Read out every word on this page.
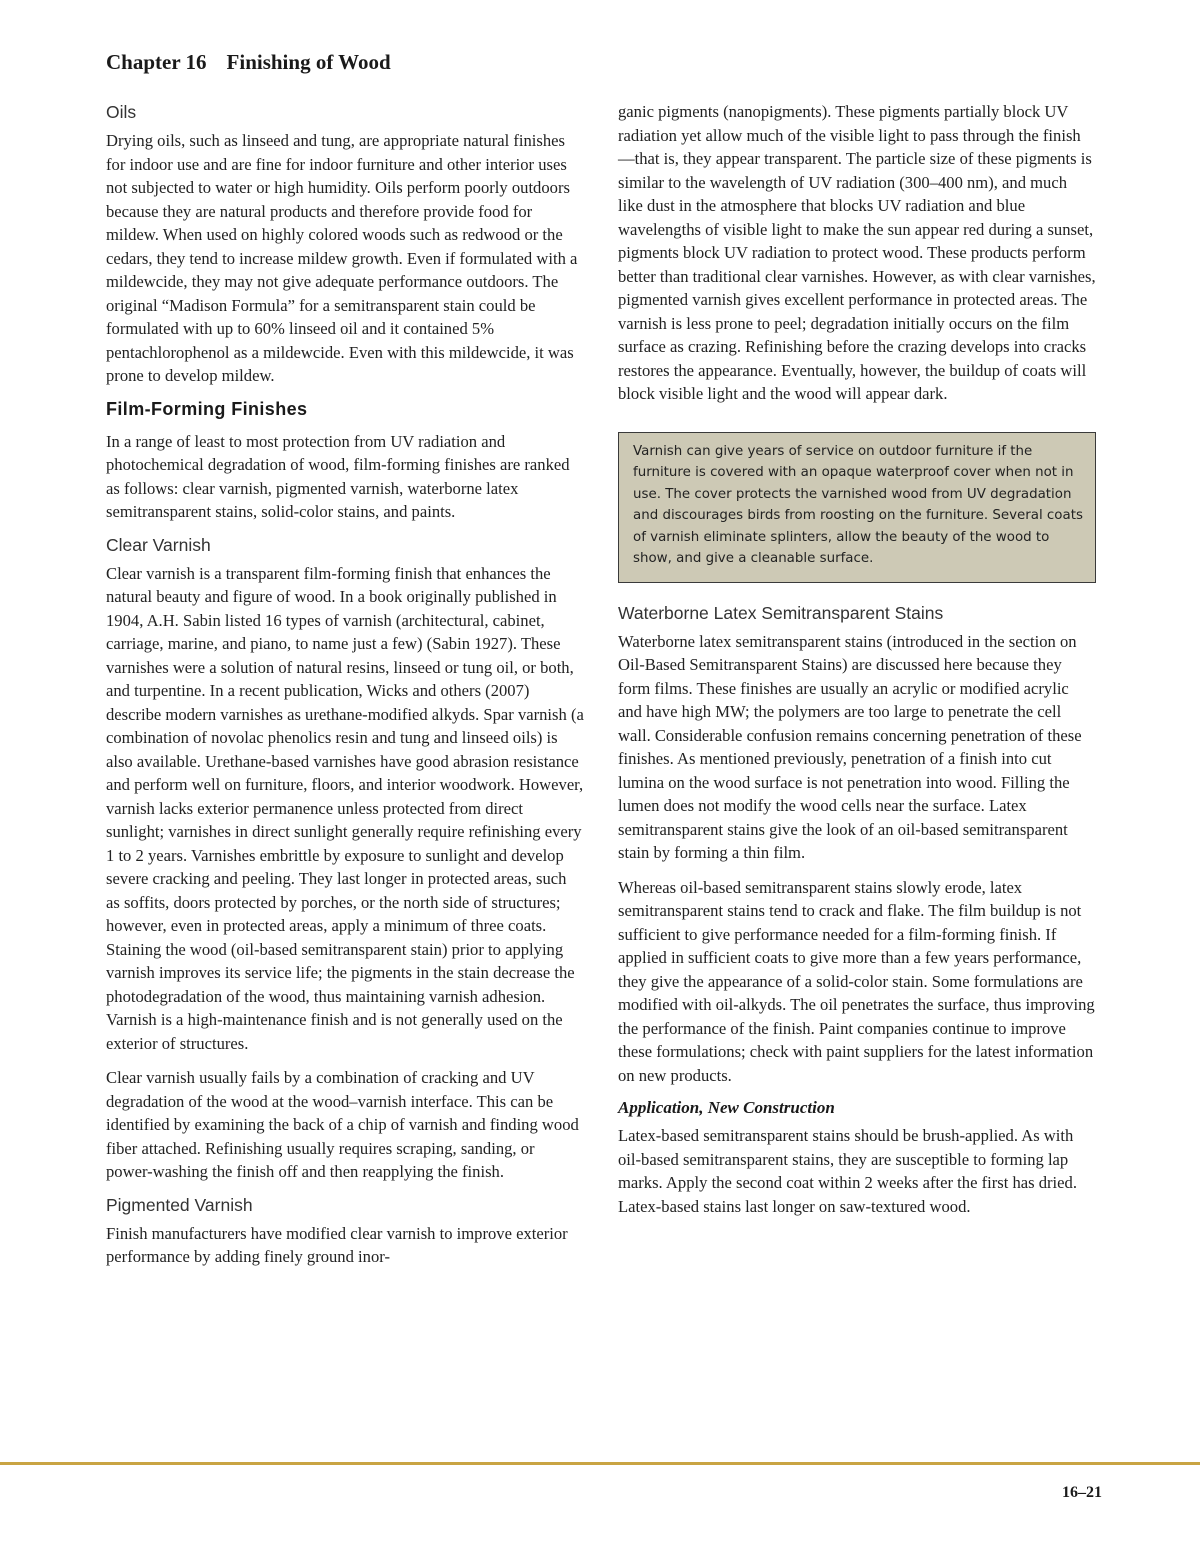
Chapter 16 Finishing of Wood
Oils

Drying oils, such as linseed and tung, are appropriate natural finishes for indoor use and are fine for indoor furniture and other interior uses not subjected to water or high humidity. Oils perform poorly outdoors because they are natural products and therefore provide food for mildew. When used on highly colored woods such as redwood or the cedars, they tend to increase mildew growth. Even if formulated with a mildewcide, they may not give adequate performance outdoors. The original “Madison Formula” for a semitransparent stain could be formulated with up to 60% linseed oil and it contained 5% pentachlorophenol as a mildewcide. Even with this mildewcide, it was prone to develop mildew.

Film-Forming Finishes

In a range of least to most protection from UV radiation and photochemical degradation of wood, film-forming finishes are ranked as follows: clear varnish, pigmented varnish, waterborne latex semitransparent stains, solid-color stains, and paints.

Clear Varnish

Clear varnish is a transparent film-forming finish that enhances the natural beauty and figure of wood. In a book originally published in 1904, A.H. Sabin listed 16 types of varnish (architectural, cabinet, carriage, marine, and piano, to name just a few) (Sabin 1927). These varnishes were a solution of natural resins, linseed or tung oil, or both, and turpentine. In a recent publication, Wicks and others (2007) describe modern varnishes as urethane-modified alkyds. Spar varnish (a combination of novolac phenolics resin and tung and linseed oils) is also available. Urethane-based varnishes have good abrasion resistance and perform well on furniture, floors, and interior woodwork. However, varnish lacks exterior permanence unless protected from direct sunlight; varnishes in direct sunlight generally require refinishing every 1 to 2 years. Varnishes embrittle by exposure to sunlight and develop severe cracking and peeling. They last longer in protected areas, such as soffits, doors protected by porches, or the north side of structures; however, even in protected areas, apply a minimum of three coats. Staining the wood (oil-based semitransparent stain) prior to applying varnish improves its service life; the pigments in the stain decrease the photodegradation of the wood, thus maintaining varnish adhesion. Varnish is a high-maintenance finish and is not generally used on the exterior of structures.

Clear varnish usually fails by a combination of cracking and UV degradation of the wood at the wood–varnish interface. This can be identified by examining the back of a chip of varnish and finding wood fiber attached. Refinishing usually requires scraping, sanding, or power-washing the finish off and then reapplying the finish.

Pigmented Varnish

Finish manufacturers have modified clear varnish to improve exterior performance by adding finely ground inor-

ganic pigments (nanopigments). These pigments partially block UV radiation yet allow much of the visible light to pass through the finish—that is, they appear transparent. The particle size of these pigments is similar to the wavelength of UV radiation (300–400 nm), and much like dust in the atmosphere that blocks UV radiation and blue wavelengths of visible light to make the sun appear red during a sunset, pigments block UV radiation to protect wood. These products perform better than traditional clear varnishes. However, as with clear varnishes, pigmented varnish gives excellent performance in protected areas. The varnish is less prone to peel; degradation initially occurs on the film surface as crazing. Refinishing before the crazing develops into cracks restores the appearance. Eventually, however, the buildup of coats will block visible light and the wood will appear dark.

Varnish can give years of service on outdoor furniture if the furniture is covered with an opaque waterproof cover when not in use. The cover protects the varnished wood from UV degradation and discourages birds from roosting on the furniture. Several coats of varnish eliminate splinters, allow the beauty of the wood to show, and give a cleanable surface.

Waterborne Latex Semitransparent Stains

Waterborne latex semitransparent stains (introduced in the section on Oil-Based Semitransparent Stains) are discussed here because they form films. These finishes are usually an acrylic or modified acrylic and have high MW; the polymers are too large to penetrate the cell wall. Considerable confusion remains concerning penetration of these finishes. As mentioned previously, penetration of a finish into cut lumina on the wood surface is not penetration into wood. Filling the lumen does not modify the wood cells near the surface. Latex semitransparent stains give the look of an oil-based semitransparent stain by forming a thin film.

Whereas oil-based semitransparent stains slowly erode, latex semitransparent stains tend to crack and flake. The film buildup is not sufficient to give performance needed for a film-forming finish. If applied in sufficient coats to give more than a few years performance, they give the appearance of a solid-color stain. Some formulations are modified with oil-alkyds. The oil penetrates the surface, thus improving the performance of the finish. Paint companies continue to improve these formulations; check with paint suppliers for the latest information on new products.

Application, New Construction

Latex-based semitransparent stains should be brush-applied. As with oil-based semitransparent stains, they are susceptible to forming lap marks. Apply the second coat within 2 weeks after the first has dried. Latex-based stains last longer on saw-textured wood.

16–21
